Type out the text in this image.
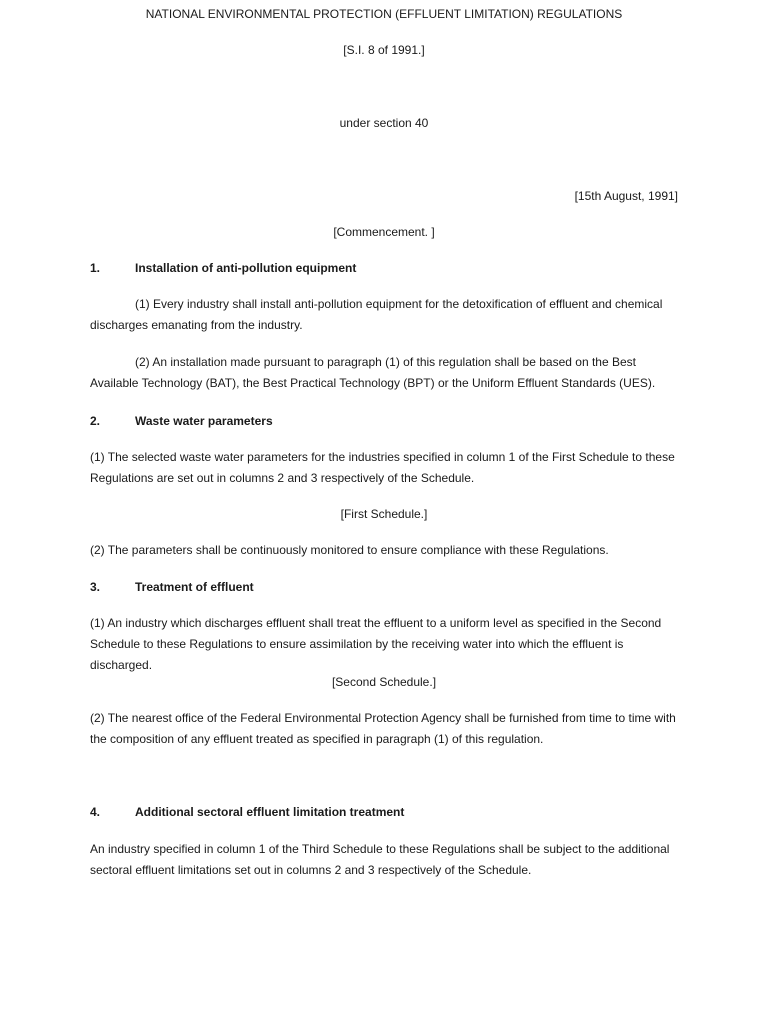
NATIONAL ENVIRONMENTAL PROTECTION (EFFLUENT LIMITATION) REGULATIONS
[S.I. 8 of 1991.]
under section 40
[15th August, 1991]
[Commencement. ]
1.	Installation of anti-pollution equipment

(1) Every industry shall install anti-pollution equipment for the detoxification of effluent and chemical discharges emanating from the industry.

(2) An installation made pursuant to paragraph (1) of this regulation shall be based on the Best Available Technology (BAT), the Best Practical Technology (BPT) or the Uniform Effluent Standards (UES).

2.	Waste water parameters

(1) The selected waste water parameters for the industries specified in column 1 of the First Schedule to these Regulations are set out in columns 2 and 3 respectively of the Schedule.

[First Schedule.]

(2) The parameters shall be continuously monitored to ensure compliance with these Regulations.

3.	Treatment of effluent

(1) An industry which discharges effluent shall treat the effluent to a uniform level as specified in the Second Schedule to these Regulations to ensure assimilation by the receiving water into which the effluent is discharged.

[Second Schedule.]

(2) The nearest office of the Federal Environmental Protection Agency shall be furnished from time to time with the composition of any effluent treated as specified in paragraph (1) of this regulation.

4.	Additional sectoral effluent limitation treatment

An industry specified in column 1 of the Third Schedule to these Regulations shall be subject to the additional sectoral effluent limitations set out in columns 2 and 3 respectively of the Schedule.
